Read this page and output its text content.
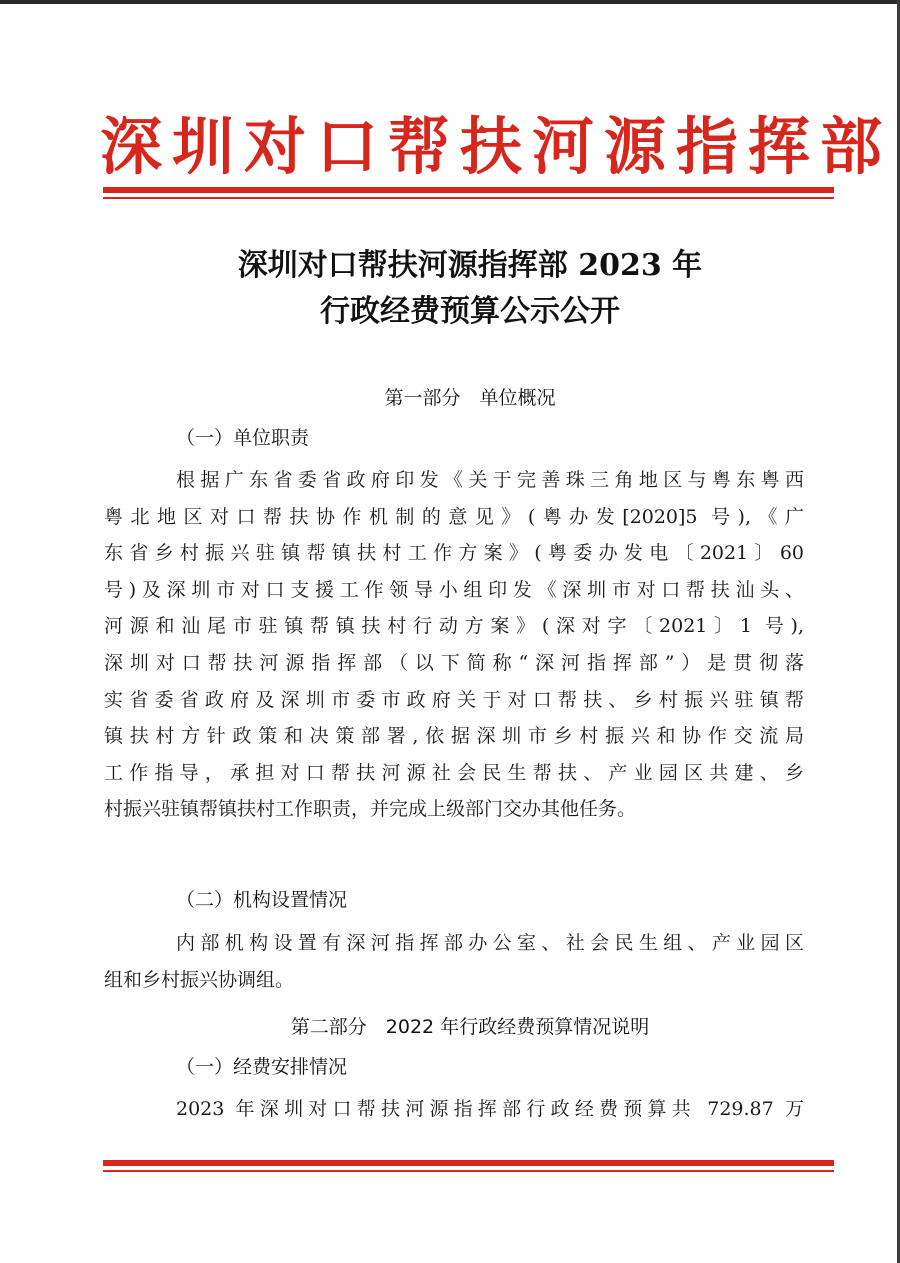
深圳对口帮扶河源指挥部
深圳对口帮扶河源指挥部 2023 年
行政经费预算公示公开
第一部分　单位概况
（一）单位职责
根据广东省委省政府印发《关于完善珠三角地区与粤东粤西
粤北地区对口帮扶协作机制的意见》(粤办发[2020]5 号),《广
东省乡村振兴驻镇帮镇扶村工作方案》(粤委办发电〔2021〕60
号)及深圳市对口支援工作领导小组印发《深圳市对口帮扶汕头、
河源和汕尾市驻镇帮镇扶村行动方案》(深对字〔2021〕1 号),
深圳对口帮扶河源指挥部（以下简称“深河指挥部”）是贯彻落
实省委省政府及深圳市委市政府关于对口帮扶、乡村振兴驻镇帮
镇扶村方针政策和决策部署,依据深圳市乡村振兴和协作交流局
工作指导，承担对口帮扶河源社会民生帮扶、产业园区共建、乡
村振兴驻镇帮镇扶村工作职责，并完成上级部门交办其他任务。
（二）机构设置情况
内部机构设置有深河指挥部办公室、社会民生组、产业园区
组和乡村振兴协调组。
第二部分　2022 年行政经费预算情况说明
（一）经费安排情况
2023 年深圳对口帮扶河源指挥部行政经费预算共 729.87 万
